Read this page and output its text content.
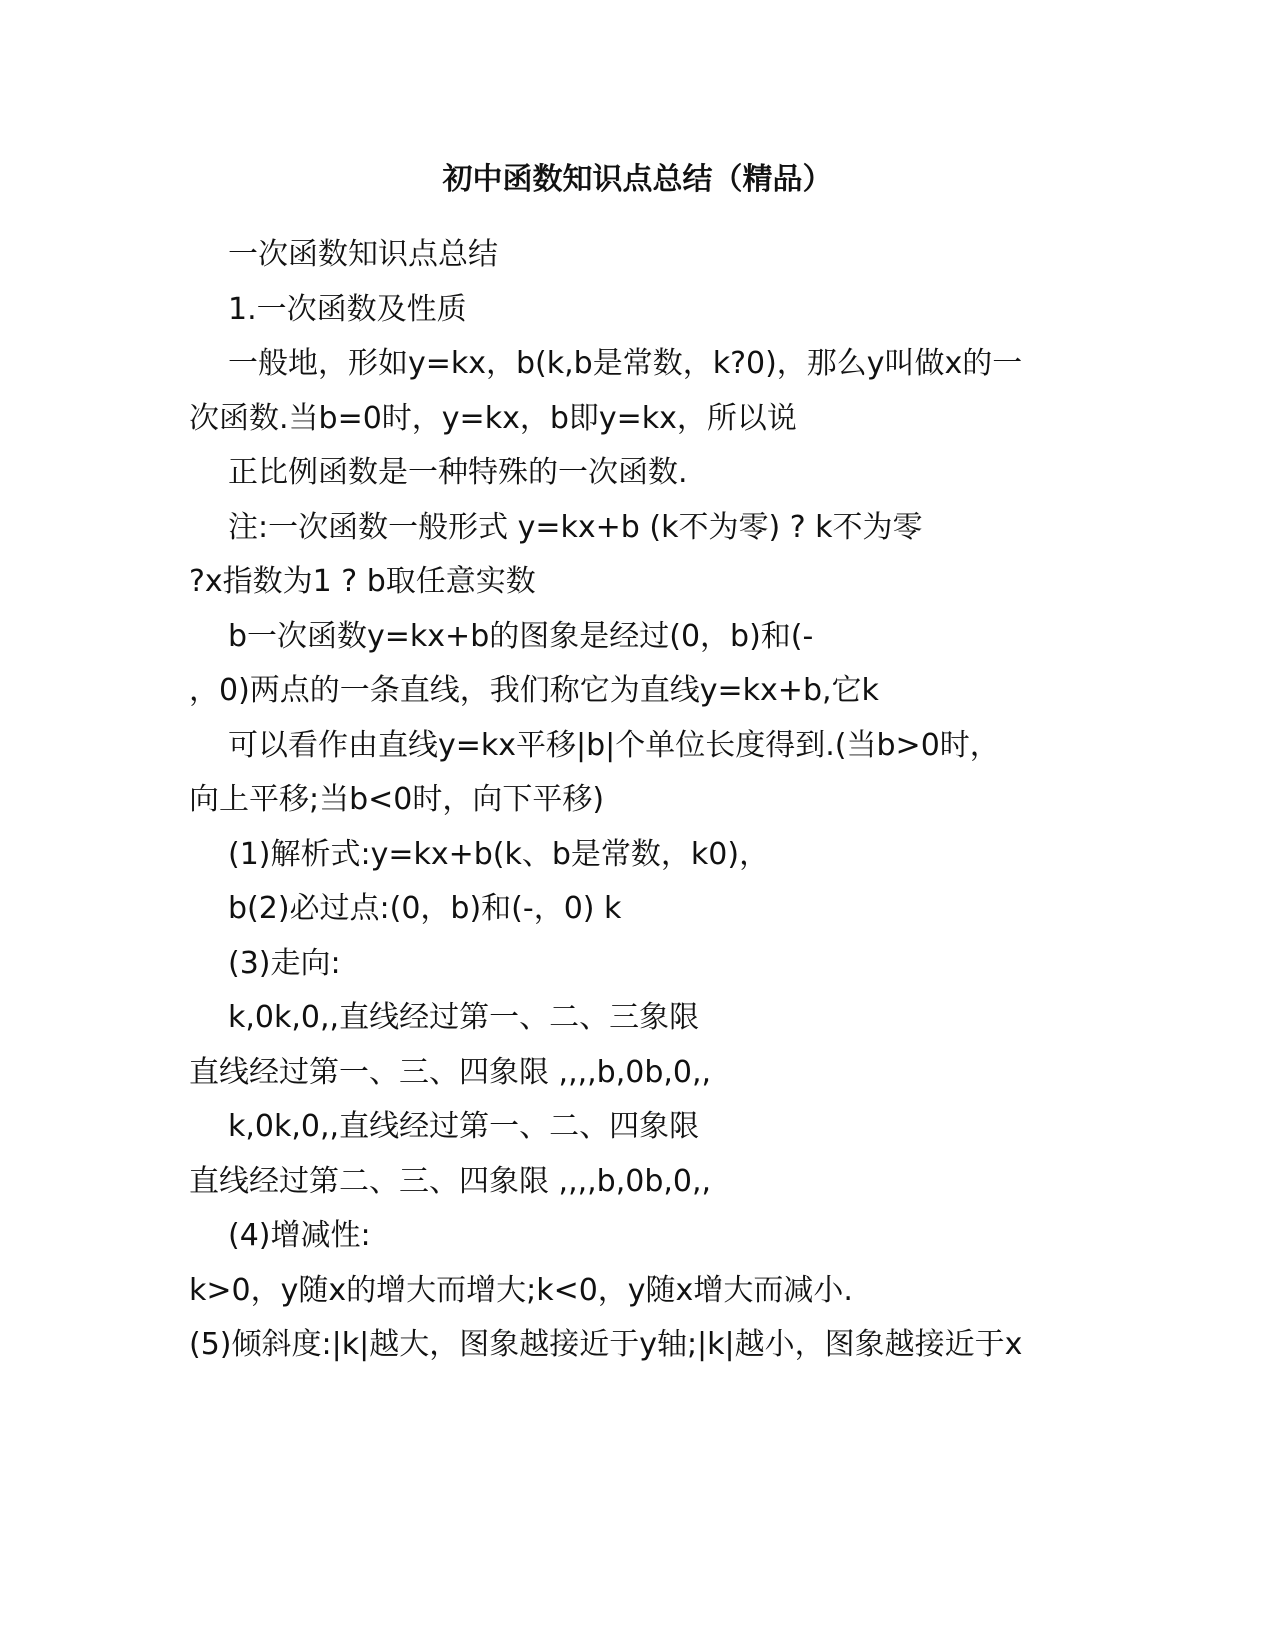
初中函数知识点总结（精品）
一次函数知识点总结
1.一次函数及性质
一般地，形如y=kx，b(k,b是常数，k?0)，那么y叫做x的一
次函数.当b=0时，y=kx，b即y=kx，所以说
正比例函数是一种特殊的一次函数.
注:一次函数一般形式 y=kx+b (k不为零) ? k不为零
?x指数为1 ? b取任意实数
b一次函数y=kx+b的图象是经过(0，b)和(-
，0)两点的一条直线，我们称它为直线y=kx+b,它k
可以看作由直线y=kx平移|b|个单位长度得到.(当b>0时，
向上平移;当b<0时，向下平移)
(1)解析式:y=kx+b(k、b是常数，k0)，
b(2)必过点:(0，b)和(-，0) k
(3)走向:
k,0k,0,,直线经过第一、二、三象限
直线经过第一、三、四象限 ,,,,b,0b,0,,
k,0k,0,,直线经过第一、二、四象限
直线经过第二、三、四象限 ,,,,b,0b,0,,
(4)增减性:
k>0，y随x的增大而增大;k<0，y随x增大而减小.
(5)倾斜度:|k|越大，图象越接近于y轴;|k|越小，图象越接近于x
